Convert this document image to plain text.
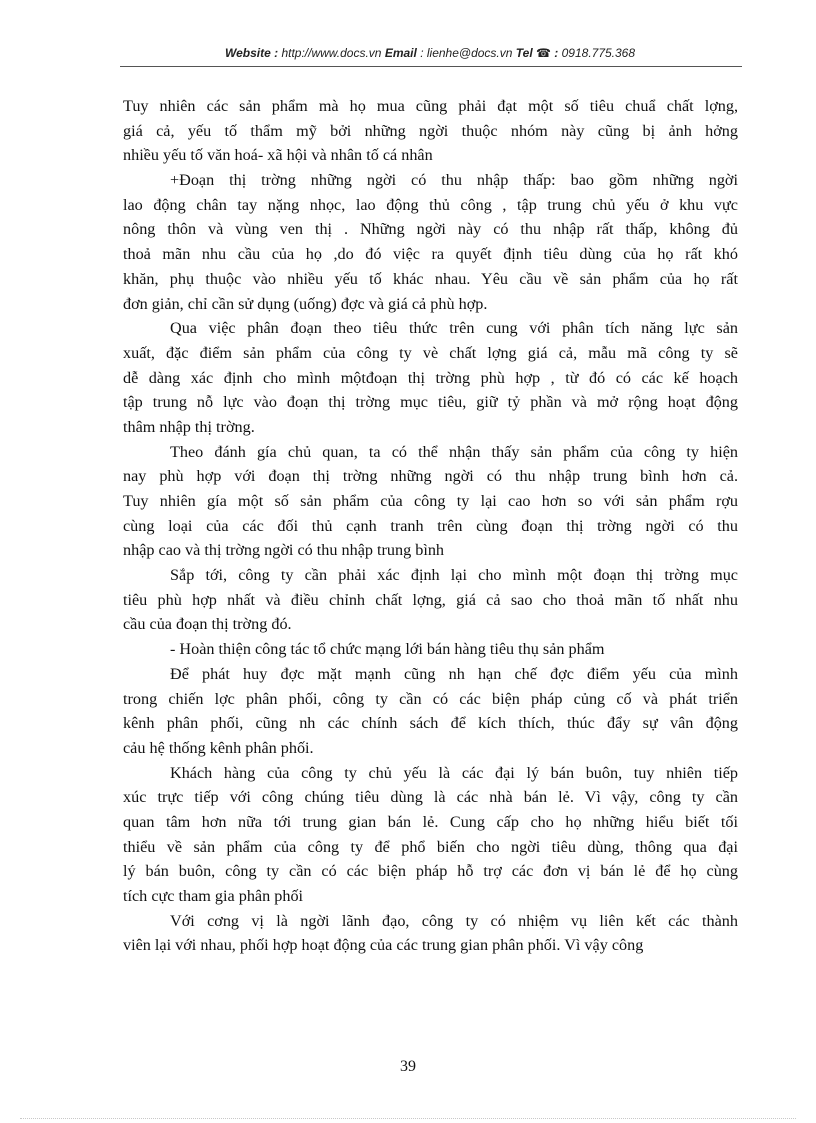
Website : http://www.docs.vn Email : lienhe@docs.vn Tel ☎ : 0918.775.368
Tuy nhiên các sản phẩm mà họ mua cũng phải đạt một số tiêu chuẩ chất lợng,
giá cả, yếu tố thẩm mỹ bởi những ngời thuộc nhóm này cũng bị ảnh hởng
nhiều yếu tố văn hoá- xã hội và nhân tố cá nhân
+Đoạn thị trờng những ngời có thu nhập thấp: bao gồm những ngời
lao động chân tay nặng nhọc, lao động thủ công , tập trung chủ yếu ở khu vực
nông thôn và vùng ven thị . Những ngời này có thu nhập rất thấp, không đủ
thoả mãn nhu cầu của họ ,do đó việc ra quyết định tiêu dùng của họ rất khó
khăn, phụ thuộc vào nhiều yếu tố khác nhau. Yêu cầu về sản phẩm của họ rất
đơn giản, chỉ cần sử dụng (uống) đợc và giá cả phù hợp.
Qua việc phân đoạn theo tiêu thức trên cung với phân tích năng lực sản
xuất, đặc điểm sản phẩm của công ty vè chất lợng giá cả, mẫu mã công ty sẽ
dễ dàng xác định cho mình mộtđoạn thị trờng phù hợp , từ đó có các kế hoạch
tập trung nỗ lực vào đoạn thị trờng mục tiêu, giữ tỷ phần và mở rộng hoạt động
thâm nhập thị trờng.
Theo đánh gía chủ quan, ta có thể nhận thấy sản phẩm của công ty hiện
nay phù hợp với đoạn thị trờng những ngời có thu nhập trung bình hơn cả.
Tuy nhiên gía một số sản phẩm của công ty lại cao hơn so với sản phẩm rợu
cùng loại của các đối thủ cạnh tranh trên cùng đoạn thị trờng ngời có thu
nhập cao và thị trờng ngời có thu nhập trung bình
Sắp tới, công ty cần phải xác định lại cho mình một đoạn thị trờng mục
tiêu phù hợp nhất và điều chỉnh chất lợng, giá cả sao cho thoả mãn tố nhất nhu
cầu của đoạn thị trờng đó.
- Hoàn thiện công tác tổ chức mạng lới bán hàng tiêu thụ sản phẩm
Để phát huy đợc mặt mạnh cũng nh hạn chế đợc điểm yếu của mình
trong chiến lợc phân phối, công ty cần có các biện pháp củng cố và phát triển
kênh phân phối, cũng nh các chính sách để kích thích, thúc đẩy sự vân động
cảu hệ thống kênh phân phối.
Khách hàng của công ty chủ yếu là các đại lý bán buôn, tuy nhiên tiếp
xúc trực tiếp với công chúng tiêu dùng là các nhà bán lẻ. Vì vậy, công ty cần
quan tâm hơn nữa tới trung gian bán lẻ. Cung cấp cho họ những hiểu biết tối
thiểu về sản phẩm của công ty để phổ biến cho ngời tiêu dùng, thông qua đại
lý bán buôn, công ty cần có các biện pháp hỗ trợ các đơn vị bán lẻ để họ cùng
tích cực tham gia phân phối
Với cơng vị là ngời lãnh đạo, công ty có nhiệm vụ liên kết các thành
viên lại với nhau, phối hợp hoạt động của các trung gian phân phối. Vì vậy công
39
